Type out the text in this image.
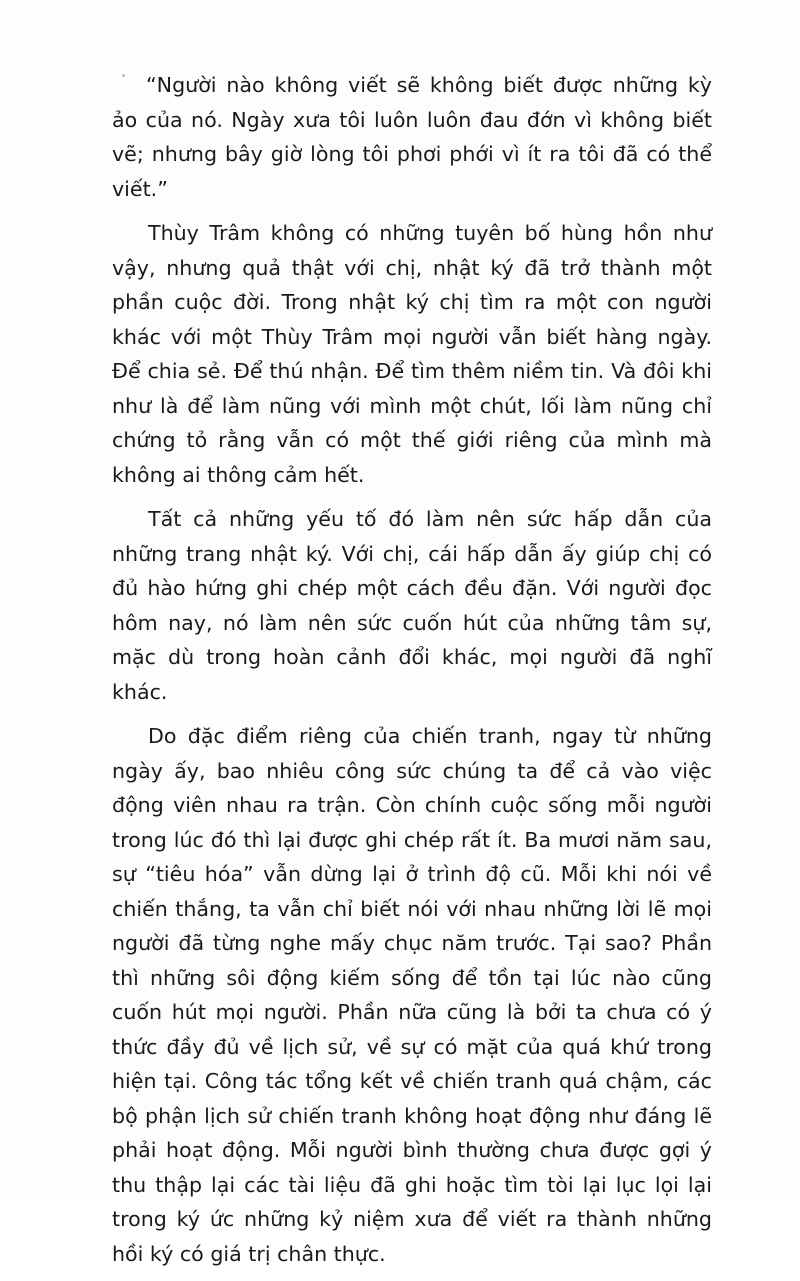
“Người nào không viết sẽ không biết được những kỳ ảo của nó. Ngày xưa tôi luôn luôn đau đớn vì không biết vẽ; nhưng bây giờ lòng tôi phơi phới vì ít ra tôi đã có thể viết.”

Thùy Trâm không có những tuyên bố hùng hồn như vậy, nhưng quả thật với chị, nhật ký đã trở thành một phần cuộc đời. Trong nhật ký chị tìm ra một con người khác với một Thùy Trâm mọi người vẫn biết hàng ngày. Để chia sẻ. Để thú nhận. Để tìm thêm niềm tin. Và đôi khi như là để làm nũng với mình một chút, lối làm nũng chỉ chứng tỏ rằng vẫn có một thế giới riêng của mình mà không ai thông cảm hết.

Tất cả những yếu tố đó làm nên sức hấp dẫn của những trang nhật ký. Với chị, cái hấp dẫn ấy giúp chị có đủ hào hứng ghi chép một cách đều đặn. Với người đọc hôm nay, nó làm nên sức cuốn hút của những tâm sự, mặc dù trong hoàn cảnh đổi khác, mọi người đã nghĩ khác.

Do đặc điểm riêng của chiến tranh, ngay từ những ngày ấy, bao nhiêu công sức chúng ta để cả vào việc động viên nhau ra trận. Còn chính cuộc sống mỗi người trong lúc đó thì lại được ghi chép rất ít. Ba mươi năm sau, sự “tiêu hóa” vẫn dừng lại ở trình độ cũ. Mỗi khi nói về chiến thắng, ta vẫn chỉ biết nói với nhau những lời lẽ mọi người đã từng nghe mấy chục năm trước. Tại sao? Phần thì những sôi động kiếm sống để tồn tại lúc nào cũng cuốn hút mọi người. Phần nữa cũng là bởi ta chưa có ý thức đầy đủ về lịch sử, về sự có mặt của quá khứ trong hiện tại. Công tác tổng kết về chiến tranh quá chậm, các bộ phận lịch sử chiến tranh không hoạt động như đáng lẽ phải hoạt động. Mỗi người bình thường chưa được gợi ý thu thập lại các tài liệu đã ghi hoặc tìm tòi lại lục lọi lại trong ký ức những kỷ niệm xưa để viết ra thành những hồi ký có giá trị chân thực.
